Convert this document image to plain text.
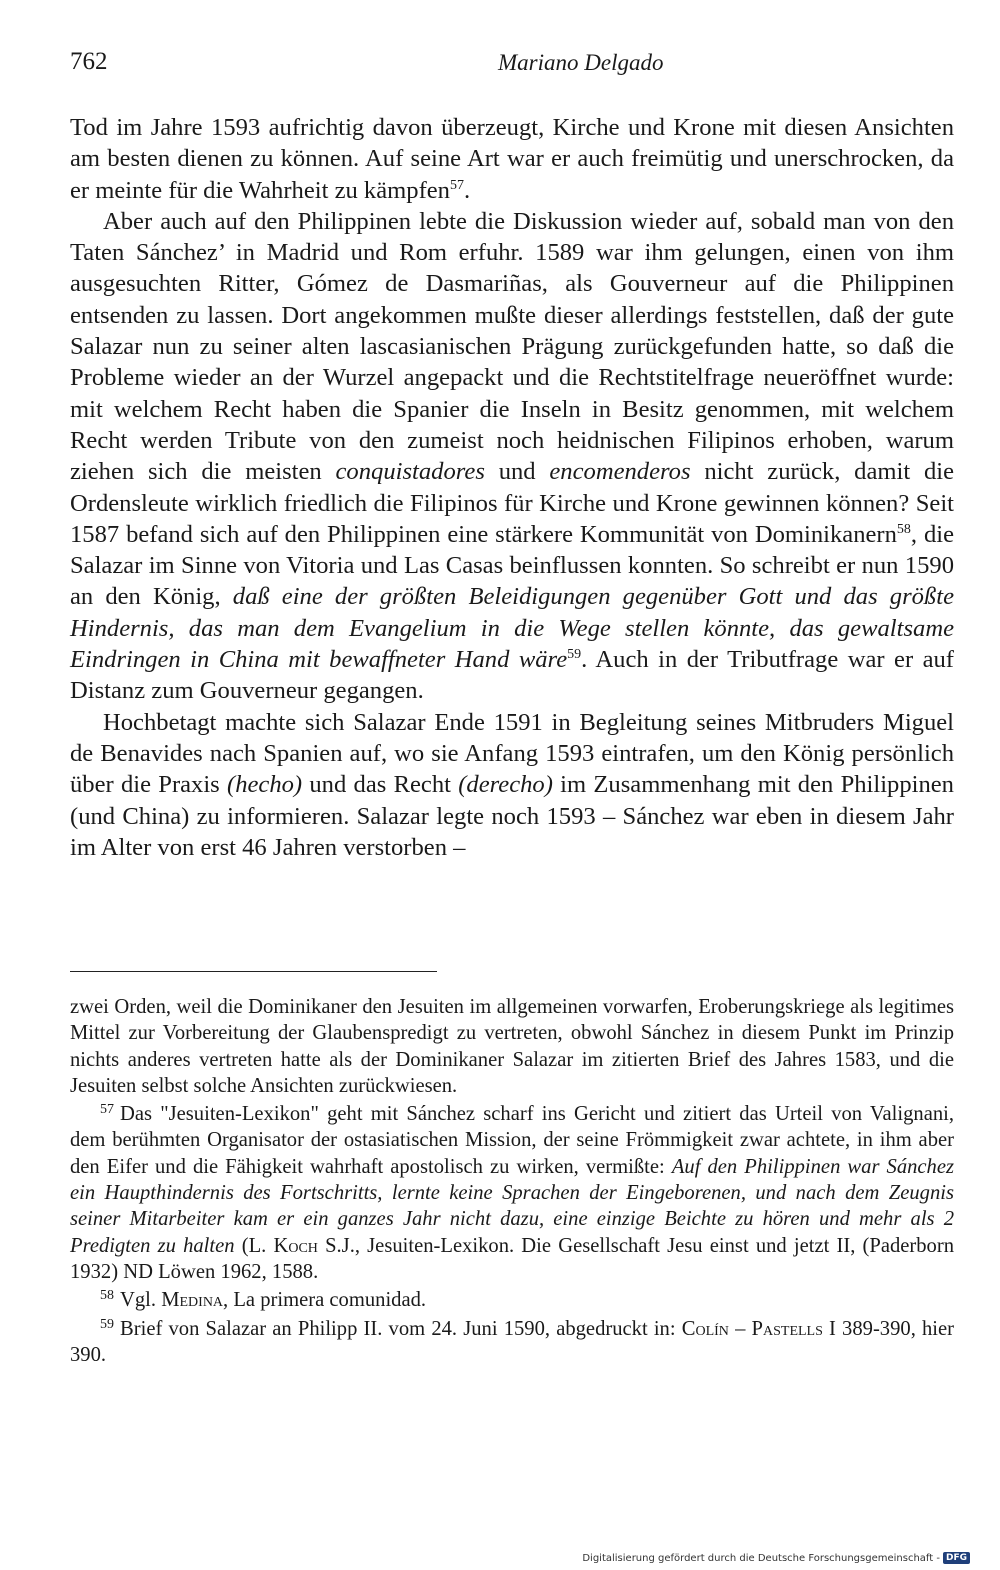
762	Mariano Delgado

Tod im Jahre 1593 aufrichtig davon überzeugt, Kirche und Krone mit diesen Ansichten am besten dienen zu können. Auf seine Art war er auch freimütig und unerschrocken, da er meinte für die Wahrheit zu kämpfen$^{57}$.

Aber auch auf den Philippinen lebte die Diskussion wieder auf, sobald man von den Taten Sánchez’ in Madrid und Rom erfuhr. 1589 war ihm gelungen, einen von ihm ausgesuchten Ritter, Gómez de Dasmariñas, als Gouverneur auf die Philippinen entsenden zu lassen. Dort angekommen mußte dieser allerdings feststellen, daß der gute Salazar nun zu seiner alten lascasianischen Prägung zurückgefunden hatte, so daß die Probleme wieder an der Wurzel angepackt und die Rechtstitelfrage neueröffnet wurde: mit welchem Recht haben die Spanier die Inseln in Besitz genommen, mit welchem Recht werden Tribute von den zumeist noch heidnischen Filipinos erhoben, warum ziehen sich die meisten conquistadores und encomenderos nicht zurück, damit die Ordensleute wirklich friedlich die Filipinos für Kirche und Krone gewinnen können? Seit 1587 befand sich auf den Philippinen eine stärkere Kommunität von Dominikanern$^{58}$, die Salazar im Sinne von Vitoria und Las Casas beinflussen konnten. So schreibt er nun 1590 an den König, daß eine der größten Beleidigungen gegenüber Gott und das größte Hindernis, das man dem Evangelium in die Wege stellen könnte, das gewaltsame Eindringen in China mit bewaffneter Hand wäre$^{59}$. Auch in der Tributfrage war er auf Distanz zum Gouverneur gegangen.

Hochbetagt machte sich Salazar Ende 1591 in Begleitung seines Mitbruders Miguel de Benavides nach Spanien auf, wo sie Anfang 1593 eintrafen, um den König persönlich über die Praxis (hecho) und das Recht (derecho) im Zusammenhang mit den Philippinen (und China) zu informieren. Salazar legte noch 1593 – Sánchez war eben in diesem Jahr im Alter von erst 46 Jahren verstorben –

zwei Orden, weil die Dominikaner den Jesuiten im allgemeinen vorwarfen, Eroberungskriege als legitimes Mittel zur Vorbereitung der Glaubenspredigt zu vertreten, obwohl Sánchez in diesem Punkt im Prinzip nichts anderes vertreten hatte als der Dominikaner Salazar im zitierten Brief des Jahres 1583, und die Jesuiten selbst solche Ansichten zurückwiesen.

$^{57}$ Das "Jesuiten-Lexikon" geht mit Sánchez scharf ins Gericht und zitiert das Urteil von Valignani, dem berühmten Organisator der ostasiatischen Mission, der seine Frömmigkeit zwar achtete, in ihm aber den Eifer und die Fähigkeit wahrhaft apostolisch zu wirken, vermißte: Auf den Philippinen war Sánchez ein Haupthindernis des Fortschritts, lernte keine Sprachen der Eingeborenen, und nach dem Zeugnis seiner Mitarbeiter kam er ein ganzes Jahr nicht dazu, eine einzige Beichte zu hören und mehr als 2 Predigten zu halten (L. Koch S.J., Jesuiten-Lexikon. Die Gesellschaft Jesu einst und jetzt II, (Paderborn 1932) ND Löwen 1962, 1588.

$^{58}$ Vgl. Medina, La primera comunidad.

$^{59}$ Brief von Salazar an Philipp II. vom 24. Juni 1590, abgedruckt in: Colín – Pastells I 389-390, hier 390.

Digitalisierung gefördert durch die Deutsche Forschungsgemeinschaft - DFG
